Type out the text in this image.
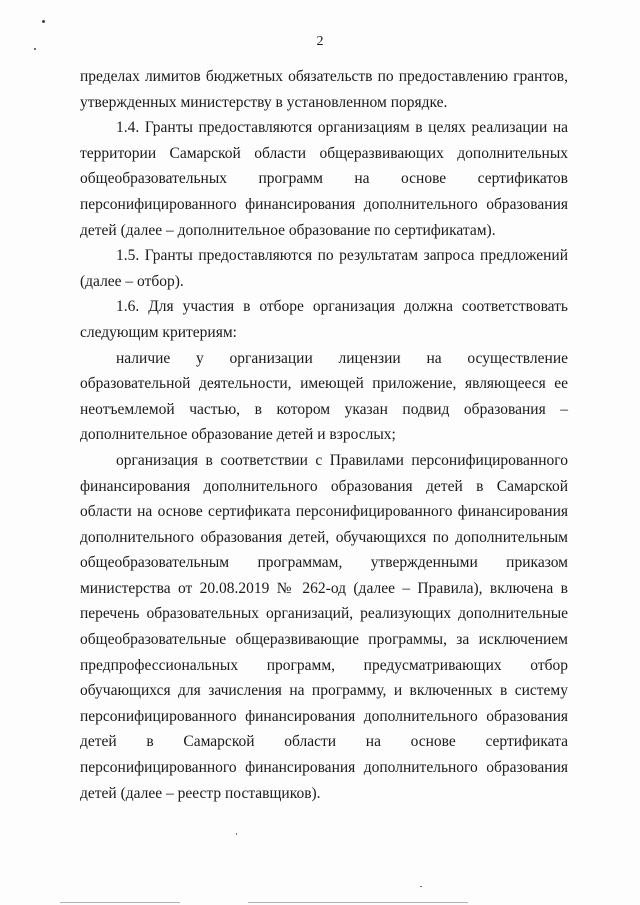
2

пределах лимитов бюджетных обязательств по предоставлению грантов, утвержденных министерству в установленном порядке.

1.4. Гранты предоставляются организациям в целях реализации на территории Самарской области общеразвивающих дополнительных общеобразовательных программ на основе сертификатов персонифицированного финансирования дополнительного образования детей (далее – дополнительное образование по сертификатам).

1.5. Гранты предоставляются по результатам запроса предложений (далее – отбор).

1.6. Для участия в отборе организация должна соответствовать следующим критериям:

наличие у организации лицензии на осуществление образовательной деятельности, имеющей приложение, являющееся ее неотъемлемой частью, в котором указан подвид образования – дополнительное образование детей и взрослых;

организация в соответствии с Правилами персонифицированного финансирования дополнительного образования детей в Самарской области на основе сертификата персонифицированного финансирования дополнительного образования детей, обучающихся по дополнительным общеобразовательным программам, утвержденными приказом министерства от 20.08.2019 № 262-од (далее – Правила), включена в перечень образовательных организаций, реализующих дополнительные общеобразовательные общеразвивающие программы, за исключением предпрофессиональных программ, предусматривающих отбор обучающихся для зачисления на программу, и включенных в систему персонифицированного финансирования дополнительного образования детей в Самарской области на основе сертификата персонифицированного финансирования дополнительного образования детей (далее – реестр поставщиков).
